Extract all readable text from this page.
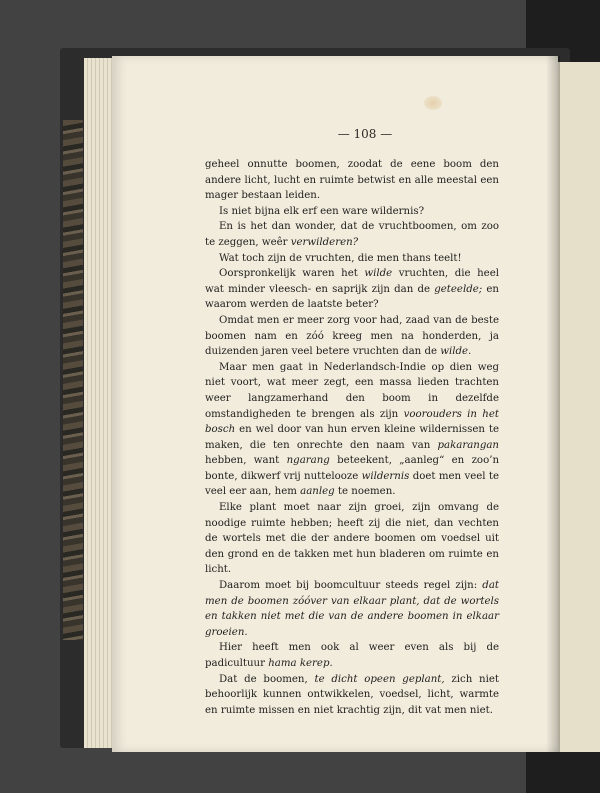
— 108 —

geheel onnutte boomen, zoodat de eene boom den andere licht, lucht en ruimte betwist en alle meestal een mager bestaan leiden.

Is niet bijna elk erf een ware wildernis?

En is het dan wonder, dat de vruchtboomen, om zoo te zeggen, weêr verwilderen?

Wat toch zijn de vruchten, die men thans teelt!

Oorspronkelijk waren het wilde vruchten, die heel wat minder vleesch- en saprijk zijn dan de geteelde; en waarom werden de laatste beter?

Omdat men er meer zorg voor had, zaad van de beste boomen nam en zóó kreeg men na honderden, ja duizenden jaren veel betere vruchten dan de wilde.

Maar men gaat in Nederlandsch-Indie op dien weg niet voort, wat meer zegt, een massa lieden trachten weer langzamerhand den boom in dezelfde omstandigheden te brengen als zijn voorouders in het bosch en wel door van hun erven kleine wildernissen te maken, die ten onrechte den naam van pakarangan hebben, want ngarang beteekent, „aanleg“ en zoo’n bonte, dikwerf vrij nuttelooze wildernis doet men veel te veel eer aan, hem aanleg te noemen.

Elke plant moet naar zijn groei, zijn omvang de noodige ruimte hebben; heeft zij die niet, dan vechten de wortels met die der andere boomen om voedsel uit den grond en de takken met hun bladeren om ruimte en licht.

Daarom moet bij boomcultuur steeds regel zijn: dat men de boomen zóóver van elkaar plant, dat de wortels en takken niet met die van de andere boomen in elkaar groeien.

Hier heeft men ook al weer even als bij de padicultuur hama kerep.

Dat de boomen, te dicht opeen geplant, zich niet behoorlijk kunnen ontwikkelen, voedsel, licht, warmte en ruimte missen en niet krachtig zijn, dit vat men niet.
